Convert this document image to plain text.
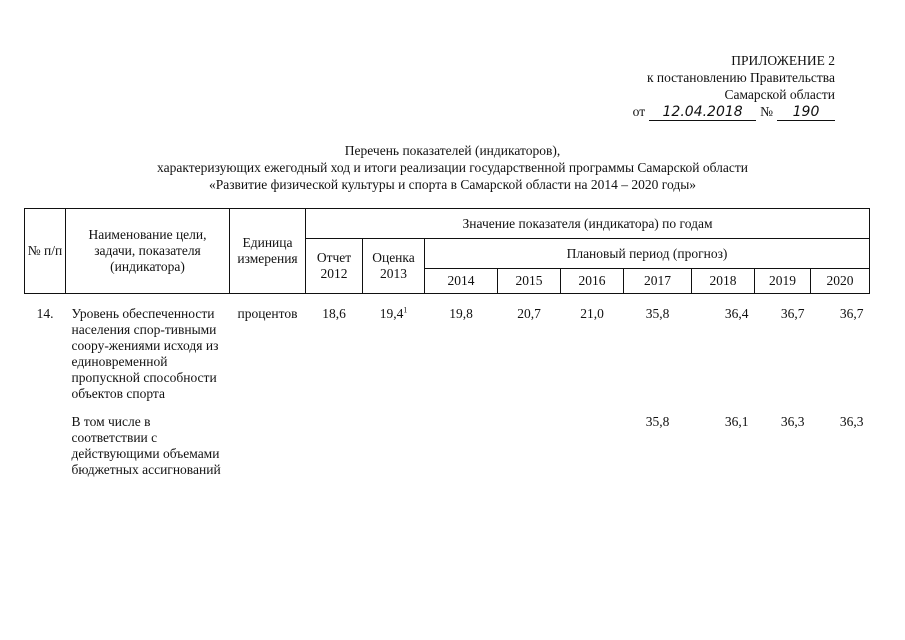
ПРИЛОЖЕНИЕ 2
к постановлению Правительства
Самарской области
от	12.04.2018	№	190
Перечень показателей (индикаторов),
характеризующих ежегодный ход и итоги реализации государственной программы Самарской области
«Развитие физической культуры и спорта в Самарской области на 2014 – 2020 годы»
№ п/п	Наименование цели, задачи, показателя (индикатора)	Единица измерения	Значение показателя (индикатора) по годам								
			Отчет 2012	Оценка 2013	Плановый период (прогноз)						
					2014	2015	2016	2017	2018	2019	2020

14.	Уровень обеспеченности населения спор-тивными соору-жениями исходя из единовременной пропускной способности объектов спорта	процентов	18,6	19,4$^1$	19,8	20,7	21,0	35,8	36,4	36,7	36,7

	В том числе в соответствии с действующими объемами бюджетных ассигнований							35,8	36,1	36,3	36,3
